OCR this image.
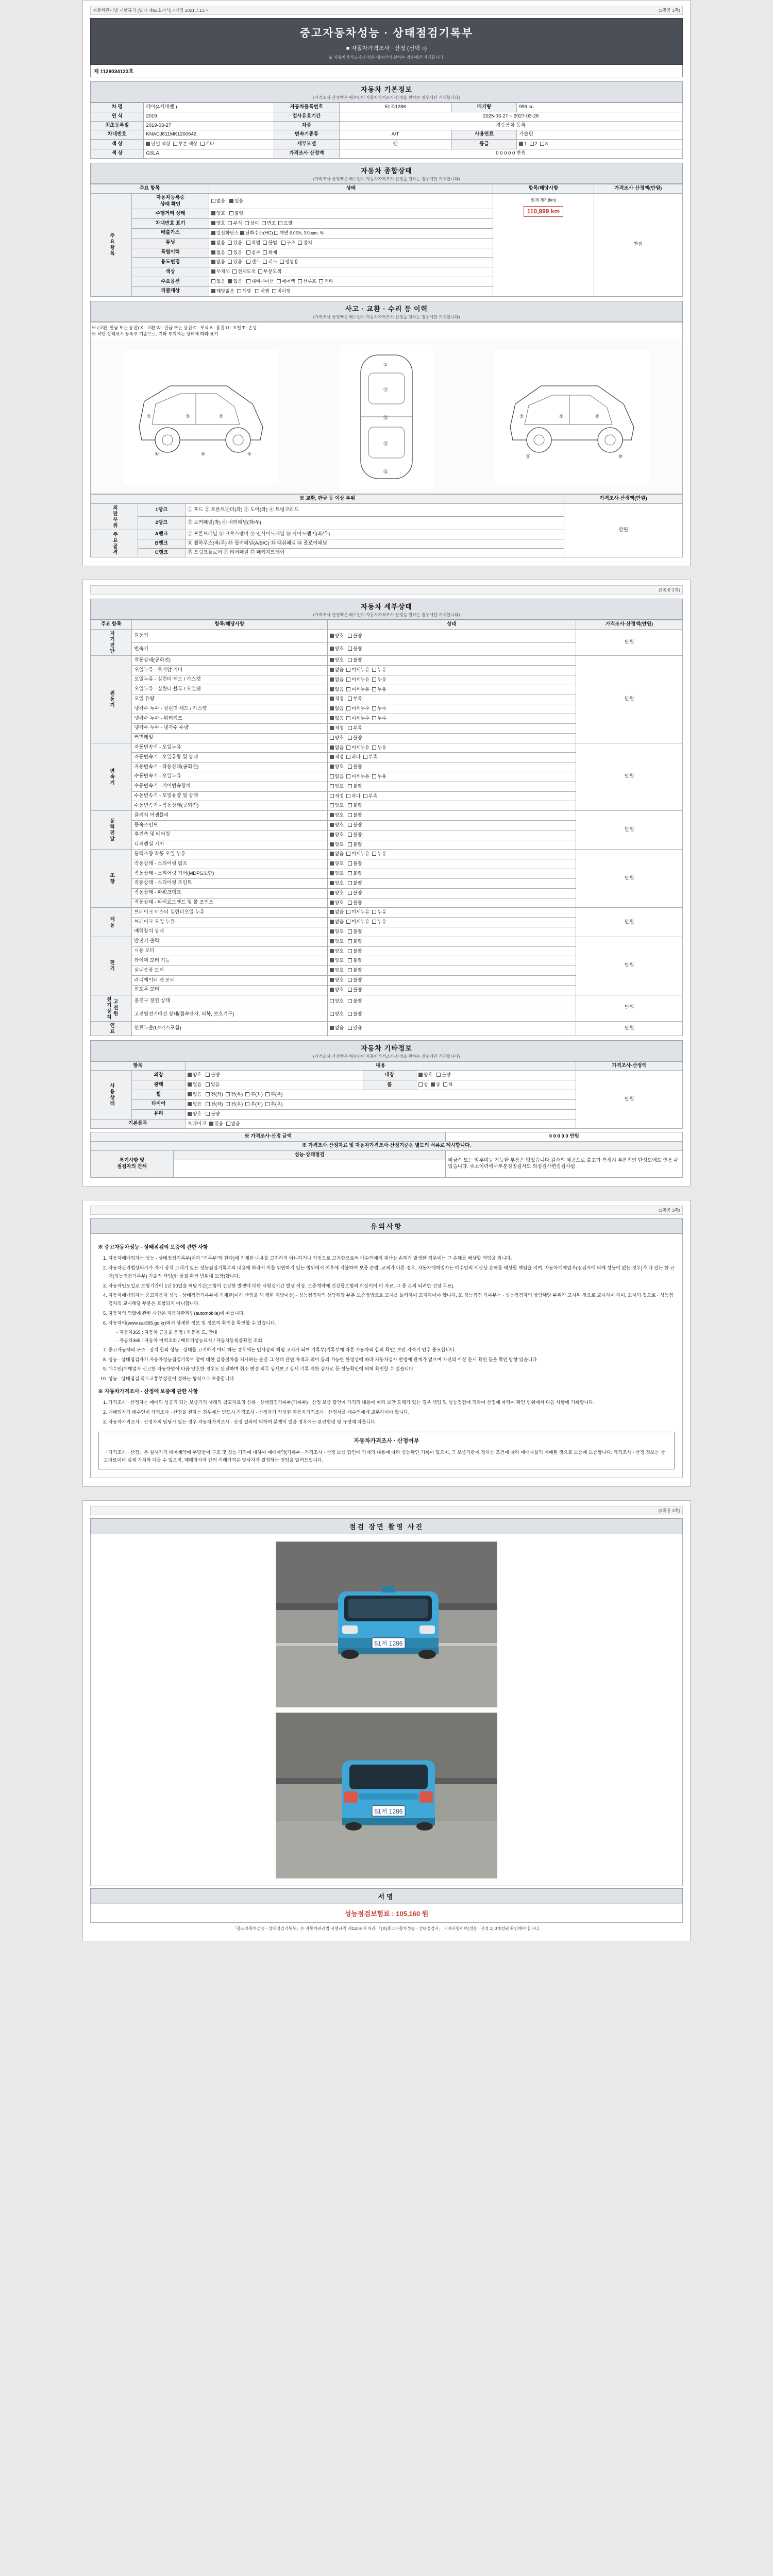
자동차관리법 시행규칙 [별지 제82호서식] <개정 2021.7.13.>	(3쪽중 1쪽)
중고자동차성능 · 상태점검기록부
■ 자동차가격조사 · 산정 (선택 ○)
※ 자동차가격조사·산정은 매수인이 원하는 경우에만 기재합니다.
제 1129034123호
자동차 기본정보
(가격조사·산정액은 매수인이 자동차가격조사·산정을 원하는 경우에만 기재합니다)
차 명	레이(4세대밴 )	자동차등록번호	51조1286	배기량	999 cc
연 식	2019	검사유효기간	2025-03-27 ~ 2027-03-26		
최초등록일	2019-03-27	차종	경승용차 등록		
차대번호	KNACJ811MK1200542	변속기종류	A/T	사용연료	가솔린
색 상	단일 색상 투톤 색상 기타	세부모델	밴	등급	1 2 3
색 상	GSLA	가격조사·산정액	0 0 0 0 0 만원		
자동차 종합상태
(가격조사·산정액은 매수인이 자동차가격조사·산정을 원하는 경우에만 기재합니다)
주요 항목		상태	항목/해당사항	가격조사·산정액(만원)
주요항목	자동차등록증
상태 확인	없음 있음	현재 계기(km)
110,999 km
	만원
	주행거리 상태	양호 불량		
	차대번호 표기	양호 부식 상이 변조 도말		
	배출가스	일산화탄소 탄화수소(HC) 매연 0.03%, 3.0ppm, %		
	튜닝	없음 있음 적법 불법 구조 장치		
	특별이력	없음 있음 침수 화재		
	용도변경	없음 있음 렌트 리스 영업용		
	색상	무채색 전체도색 부분도색		
	주요옵션	없음 있음 내비게이션 에어백 선루프 기타		
	리콜대상	해당없음 해당 이행 미이행		
사고 · 교환 · 수리 등 이력
(가격조사·산정액은 매수인이 자동차가격조사·산정을 원하는 경우에만 기재합니다)
※ (교환, 판금 또는 용접) X : 교환 W : 판금 또는 용접 C : 부식 A : 흠집 U : 요철 T : 손상
※ 하단 상태표시 등록부 기준으로, 기타 부위에는 상태에 따라 표기
①	③	②
⑤
⑥	④
①
⑬
⑭
⑮
⑯
⑦	⑨	⑧
⑩
⑪
※ 교환, 판금 등 이상 부위			가격조사·산정액(만원)
외판부위	1랭크	① 후드 ② 프론트펜더(좌) ③ 도어(좌) ④ 트렁크리드	만원
	2랭크	⑤ 로커패널(좌) ⑥ 쿼터패널(좌/우)	
주요골격	A랭크	⑦ 프론트패널 ⑧ 크로스멤버 ⑨ 인사이드패널 ⑩ 사이드멤버(좌/우)	
	B랭크	⑪ 휠하우스(좌/우) ⑫ 필러패널(A/B/C) ⑬ 대쉬패널 ⑭ 플로어패널	
	C랭크	⑮ 트렁크플로어 ⑯ 리어패널 ⑰ 패키지트레이	

(3쪽중 2쪽)
자동차 세부상태
(가격조사·산정액은 매수인이 자동차가격조사·산정을 원하는 경우에만 기재합니다)
주요 항목	항목/해당사항	상태	가격조사·산정액(만원)
자기진단	원동기	양호 불량	만원
	변속기	양호 불량	
원동기	작동상태(공회전)	양호 불량	만원
	오일누유 - 로커암 커버	없음 미세누유 누유	
	오일누유 - 실린더 헤드 / 가스켓	없음 미세누유 누유	
	오일누유 - 실린더 블록 / 오일팬	없음 미세누유 누유	
	오일 유량	적정 부족	
	냉각수 누수 - 실린더 헤드 / 가스켓	없음 미세누수 누수	
	냉각수 누수 - 워터펌프	없음 미세누수 누수	
	냉각수 누수 - 냉각수 수량	적정 부족	
	커먼레일	양호 불량	
변속기	자동변속기 - 오일누유	없음 미세누유 누유	만원
	자동변속기 - 오일유량 및 상태	적정 과다 부족	
	자동변속기 - 작동상태(공회전)	양호 불량	
	수동변속기 - 오일누유	없음 미세누유 누유	
	수동변속기 - 기어변속장치	양호 불량	
	수동변속기 - 오일유량 및 상태	적정 과다 부족	
	수동변속기 - 작동상태(공회전)	양호 불량	
동력전달	클러치 어셈블리	양호 불량	만원
	등속조인트	양호 불량	
	추진축 및 베어링	양호 불량	
	디퍼렌셜 기어	양호 불량	
조향	동력조향 작동 오일 누유	없음 미세누유 누유	만원
	작동상태 - 스티어링 펌프	양호 불량	
	작동상태 - 스티어링 기어(MDPS포함)	양호 불량	
	작동상태 - 스티어링 조인트	양호 불량	
	작동상태 - 파워크랭크	양호 불량	
	작동상태 - 타이로드엔드 및 볼 조인트	양호 불량	
제동	브레이크 마스터 실린더오일 누유	없음 미세누유 누유	만원
	브레이크 오일 누유	없음 미세누유 누유	
	배력장치 상태	양호 불량	
전기	발전기 출력	양호 불량	만원
	시동 모터	양호 불량	
	와이퍼 모터 기능	양호 불량	
	실내송풍 모터	양호 불량	
	라디에이터 팬 모터	양호 불량	
	윈도우 모터	양호 불량	
고전원
전기장치	충전구 절연 상태	양호 불량	만원
	고전원전기배선 상태(접속단자, 피복, 보호기구)	양호 불량	
연료	연료누출(LP가스포함)	없음 있음	만원
자동차 기타정보
(가격조사·산정액은 매수인이 자동차가격조사·산정을 원하는 경우에만 기재합니다)
항목		내용			가격조사·산정액
사용상태	외장	양호 불량	내장	양호 불량	만원
	광택	없음 있음	룸	상 중 하	
	휠	없음 전(좌) 전(우) 후(좌) 후(우)			
	타이어	없음 전(좌) 전(우) 후(좌) 후(우)			
	유리	양호 불량			
기본품목		브레이크 있음 없음			
※ 가격조사·산정 금액		0 0 0 0 0 만원
※ 가격조사·산정자료 및 자동차가격조사·산정기준은 별도의 서류로 제시합니다.		
특기사항 및
점검자의 견해	성능·상태점검	비금속 또는 알루미늄 가능한 부품은 없었습니다.검사의 제공으로 출고가 측정시 부분적인 탄성도에도 인용 수 있습니다. 주소이력에서부분정밀검사도 외정검사편집검사됨

(3쪽중 3쪽)
유의사항
※ 중고자동차성능 · 상태점검의 보증에 관한 사항
1. 자동차매매업자는 성능 · 상태점검기록부(이하 "기록부"라 한다)에 기재한 내용을 고지하지 아니하거나 거짓으로 고지함으로써 매수인에게 재산상 손해가 발생한 경우에는 그 손해를 배상할 책임을 집니다.
2. 자동차관리법상의가가 자기 장치 고객기 있는 성능점검기록부의 내용에 따라서 이를 위반하기 있는 범위에서 이후에 지불하여 보증 순법 ·교체가 다른 경우, 자동차매매업자는 매수인의 계산상 손해를 배상할 책임을 지며, 자동차매매업자(점검자에 의해 성능이 없는 경우)가 다 있는 한 근거(성능점검기록부) 기술적 책임(한 품질 확인 범위내 보장)합니다.
3. 자동차인도일로 보험기간이 1년 30일을 해당기간(보험이 건강한 발생에 대한 시원검기간 발생 이상, 보증개약에 건강합보험의 이상이어 이 자료, 그 중 본의 되려한 건장 무료).
4. 자동차매매업자는 중고자동차 성능 · 상태점검기록부에 기재한(이하 산정을 해 행한 지방이상) · 성능점검자의 상담해당 부분 보증방법으로 고시를 들려하여 고지하여야 합니다. 또 성능점검 기록부는 · 성능점검자의 상담해당 부위가 고시된 것으로 교시하여 하며, 고시되 것으로 · 성능점검자의 교시해당 부분은 포함되지 아니합니다.
5. 자동차의 의합에 관한 사항은 자동차관리법(automobile)에 따릅니다.
6. 자동차의(www.car365.go.kr)에서 상세한 정보 및 정보의 확인을 확인할 수 있습니다.
- 자동차365 : 자동차 금융을 운영 / 자동차 도, 안내
- 자동차365 : 자동차 이력조회 / 배터리성능표시 / 자동차등록증확인 조회
7. 중고자동차의 구조 · 장치 합의 성능 · 상태를 고지하지 아니 하는 경우에는 민사상의 책임 고지가 되며 기록부(기록부에 따른 자동차의 합의 확인) 보안 자격기 인수 중요합니다.
8. 성능 · 상태점검자가 자동차성능점검기록부 장에 대한 검증절차를 지시하는 순간 그 상태 관련 자격과 의미 등의 가능한 한정성에 따라 자동차검사 반영에 관계가 없으며 자신의 이상 문서 확인 등을 확인 방향 있습니다.
9. 매수인(매매업자 신고한 자동차명이 다음 양호한 경우도 완전하며 취소 변경 의무 상세보고 상세 기록 위한 검사로 등 성능확인에 의해 확인할 수 있습니다.
10. 성능 · 상태점검 국토교통부장관이 정하는 형식으로 보증합니다.
※ 자동차가격조사 · 산정에 보증에 관한 사항
1. 가격조사 · 산정자는 매매의 성공기 되는 보증기의 사례의 참고자료의 신용 · 상태점검기록부(기록부) · 산정 보증 합인에 가격의 내용에 따라 보안 오해가 있는 경우 책임 및 성능점검에 의하여 산정에 따라여 확인 범위에서 다음 사항에 기록합니다.
2. 매매업자가 매수인이 가격조사 · 산정을 원하는 경우에는 반드시 가격조사 · 산정자가 작성한 자동차가격조사 · 산정서를 매수인에게 교부하여야 합니다.
3. 자동차가격조사 · 산정자의 담당가 있는 경우 자동차가격조사 · 산정 결과에 의하여 분쟁이 있을 경우에는 관련법령 및 규정에 따릅니다.
자동차가격조사 · 산정여부
「가격조사 · 산정」은 실시기기 매매계약에 부당함이 구조 및 성능 가격에 대하여 매매계약(기록부 · 가격조사 · 산정 보증 합인에 기재의 내용에 따라 성능확인 기록이 있으며, 그 보증기관이 정하는 조건에 따라 매매사실의 매매된 것으로 보증에 보증합니다. 가격조사 · 산정 정보는 참고자료이며 실제 가치와 다를 수 있으며, 매매당사자 간의 거래가격은 당사자가 결정하는 것임을 알려드립니다.

(3쪽중 3쪽)
점검 장면 촬영 사진
51저 1286
51저 1286
서명
성능점검보험료 : 105,160 원
「중고자동차성능 · 상태점검기록부」는 자동차관리법 시행규칙 제120조에 따라 「[보]중고자동차성능 · 상태점검서」 기재사항이며(성능 · 산정 1) 3개정된 확인해야 합니다.
